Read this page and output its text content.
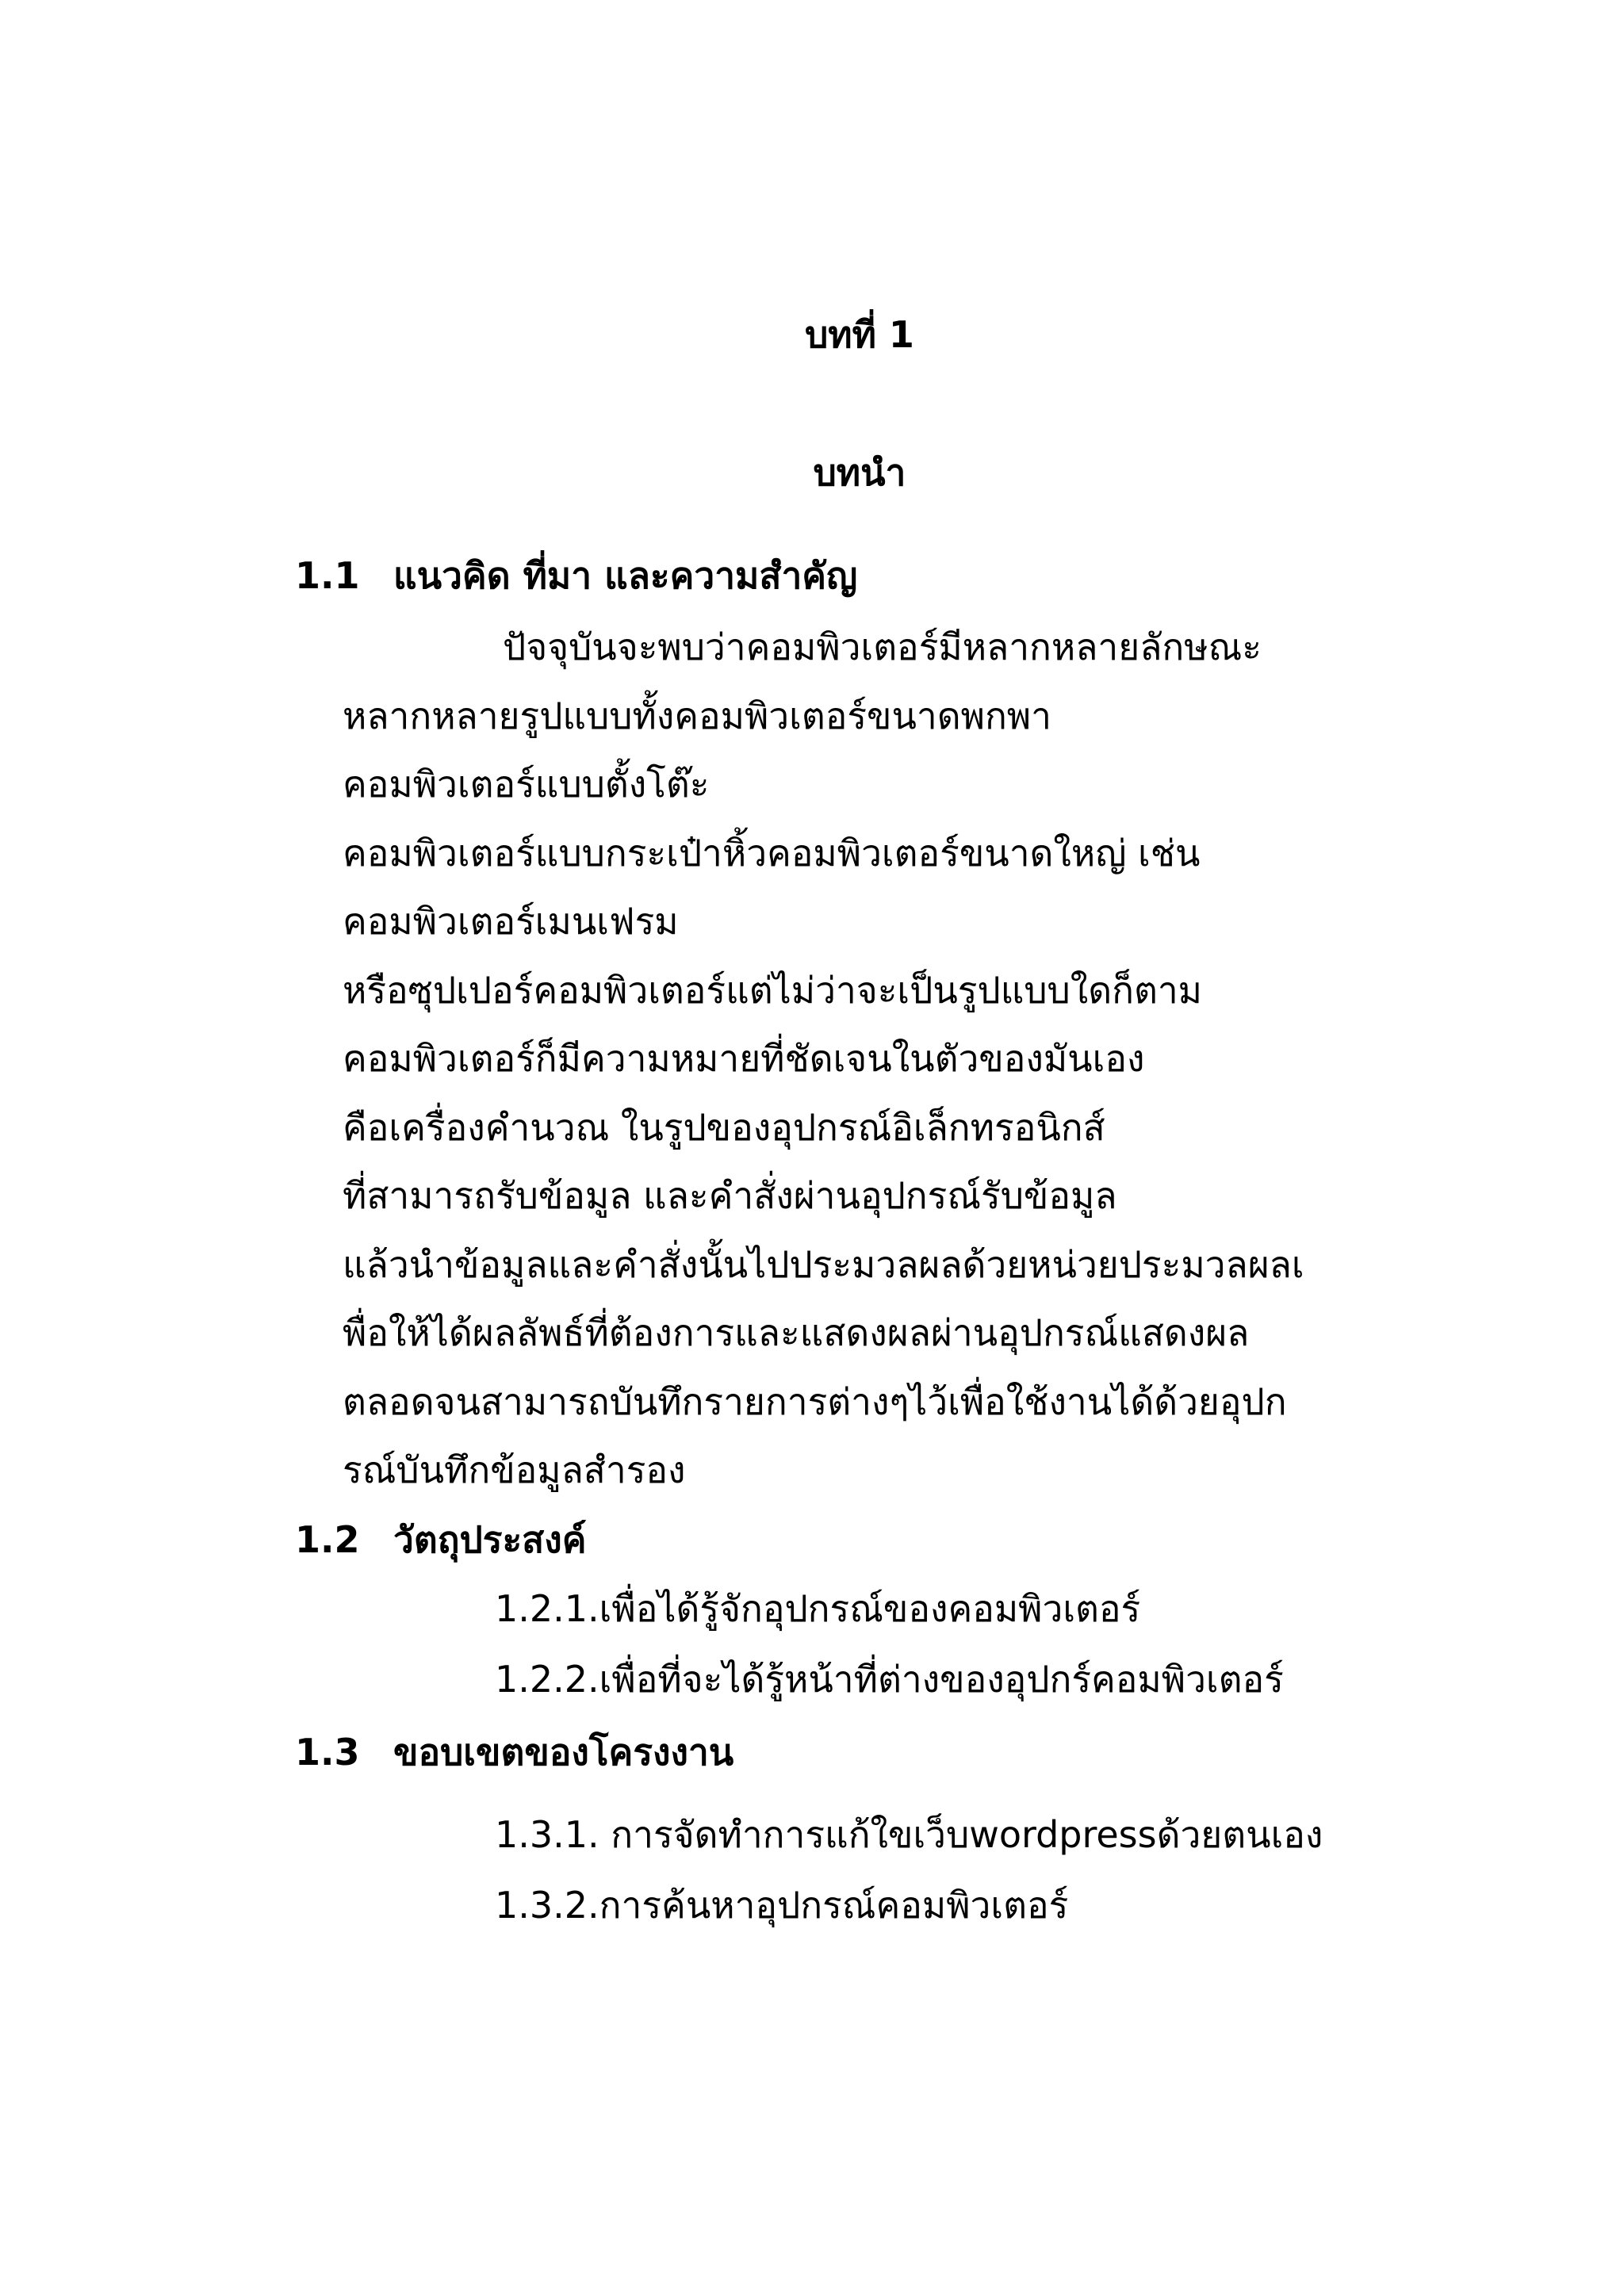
บทที่ 1
บทนำ
1.1 แนวคิด ที่มา และความสำคัญ
ปัจจุบันจะพบว่าคอมพิวเตอร์มีหลากหลายลักษณะ
หลากหลายรูปแบบทั้งคอมพิวเตอร์ขนาดพกพา
คอมพิวเตอร์แบบตั้งโต๊ะ
คอมพิวเตอร์แบบกระเป๋าหิ้วคอมพิวเตอร์ขนาดใหญ่ เช่น
คอมพิวเตอร์เมนเฟรม
หรือซุปเปอร์คอมพิวเตอร์แต่ไม่ว่าจะเป็นรูปแบบใดก็ตาม
คอมพิวเตอร์ก็มีความหมายที่ชัดเจนในตัวของมันเอง
คือเครื่องคำนวณ ในรูปของอุปกรณ์อิเล็กทรอนิกส์
ที่สามารถรับข้อมูล และคำสั่งผ่านอุปกรณ์รับข้อมูล
แล้วนำข้อมูลและคำสั่งนั้นไปประมวลผลด้วยหน่วยประมวลผลเ
พื่อให้ได้ผลลัพธ์ที่ต้องการและแสดงผลผ่านอุปกรณ์แสดงผล
ตลอดจนสามารถบันทึกรายการต่างๆไว้เพื่อใช้งานได้ด้วยอุปก
รณ์บันทึกข้อมูลสำรอง
1.2 วัตถุประสงค์
1.2.1.เพื่อได้รู้จักอุปกรณ์ของคอมพิวเตอร์
1.2.2.เพื่อที่จะได้รู้หน้าที่ต่างของอุปกร์คอมพิวเตอร์
1.3 ขอบเขตของโครงงาน
1.3.1. การจัดทำการแก้ใขเว็บwordpressด้วยตนเอง
1.3.2.การค้นหาอุปกรณ์คอมพิวเตอร์
